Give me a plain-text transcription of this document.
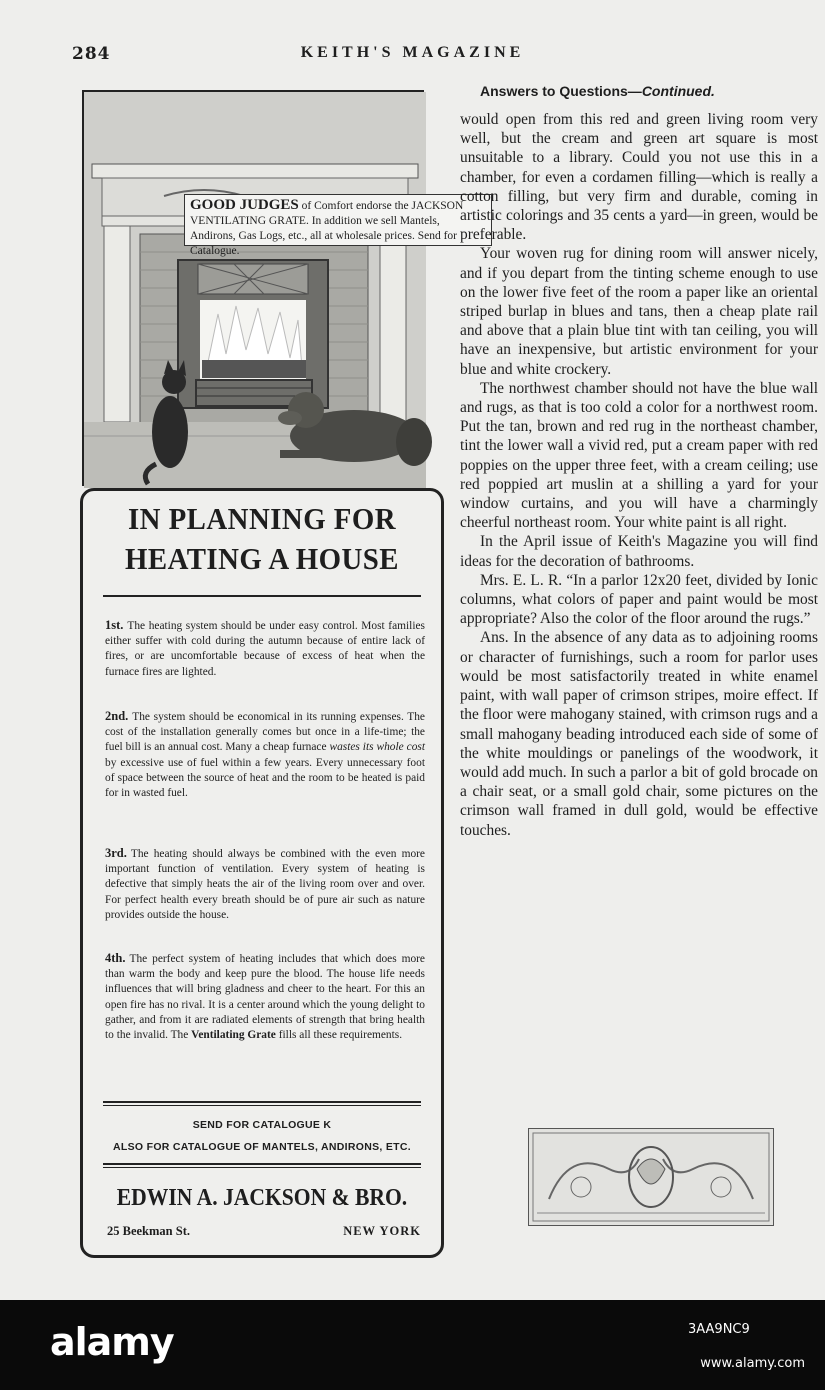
284	KEITH'S MAGAZINE
GOOD JUDGES of Comfort endorse the JACKSON VENTILATING GRATE. In addition we sell Mantels, Andirons, Gas Logs, etc., all at wholesale prices. Send for Catalogue.
IN PLANNING FOR
HEATING A HOUSE
1st. The heating system should be under easy control. Most families either suffer with cold during the autumn because of entire lack of fires, or are uncomfortable because of excess of heat when the furnace fires are lighted.
2nd. The system should be economical in its running expenses. The cost of the installation generally comes but once in a life-time; the fuel bill is an annual cost. Many a cheap furnace wastes its whole cost by excessive use of fuel within a few years. Every unnecessary foot of space between the source of heat and the room to be heated is paid for in wasted fuel.
3rd. The heating should always be combined with the even more important function of ventilation. Every system of heating is defective that simply heats the air of the living room over and over. For perfect health every breath should be of pure air such as nature provides outside the house.
4th. The perfect system of heating includes that which does more than warm the body and keep pure the blood. The house life needs influences that will bring gladness and cheer to the heart. For this an open fire has no rival. It is a center around which the young delight to gather, and from it are radiated elements of strength that bring health to the invalid. The Ventilating Grate fills all these requirements.
SEND FOR CATALOGUE K
ALSO FOR CATALOGUE OF MANTELS, ANDIRONS, ETC.
EDWIN A. JACKSON & BRO.
25 Beekman St.	NEW YORK
Answers to Questions—Continued.

would open from this red and green living room very well, but the cream and green art square is most unsuitable to a library. Could you not use this in a chamber, for even a cordamen filling—which is really a cotton filling, but very firm and durable, coming in artistic colorings and 35 cents a yard—in green, would be preferable.

Your woven rug for dining room will answer nicely, and if you depart from the tinting scheme enough to use on the lower five feet of the room a paper like an oriental striped burlap in blues and tans, then a cheap plate rail and above that a plain blue tint with tan ceiling, you will have an inexpensive, but artistic environment for your blue and white crockery.

The northwest chamber should not have the blue wall and rugs, as that is too cold a color for a northwest room. Put the tan, brown and red rug in the northeast chamber, tint the lower wall a vivid red, put a cream paper with red poppies on the upper three feet, with a cream ceiling; use red poppied art muslin at a shilling a yard for your window curtains, and you will have a charmingly cheerful northeast room. Your white paint is all right.

In the April issue of Keith's Magazine you will find ideas for the decoration of bathrooms.

Mrs. E. L. R. “In a parlor 12x20 feet, divided by Ionic columns, what colors of paper and paint would be most appropriate? Also the color of the floor around the rugs.”

Ans. In the absence of any data as to adjoining rooms or character of furnishings, such a room for parlor uses would be most satisfactorily treated in white enamel paint, with wall paper of crimson stripes, moire effect. If the floor were mahogany stained, with crimson rugs and a small mahogany beading introduced each side of some of the white mouldings or panelings of the woodwork, it would add much. In such a parlor a bit of gold brocade on a chair seat, or a small gold chair, some pictures on the crimson wall framed in dull gold, would be effective touches.

alamy	3AA9NC9
www.alamy.com
